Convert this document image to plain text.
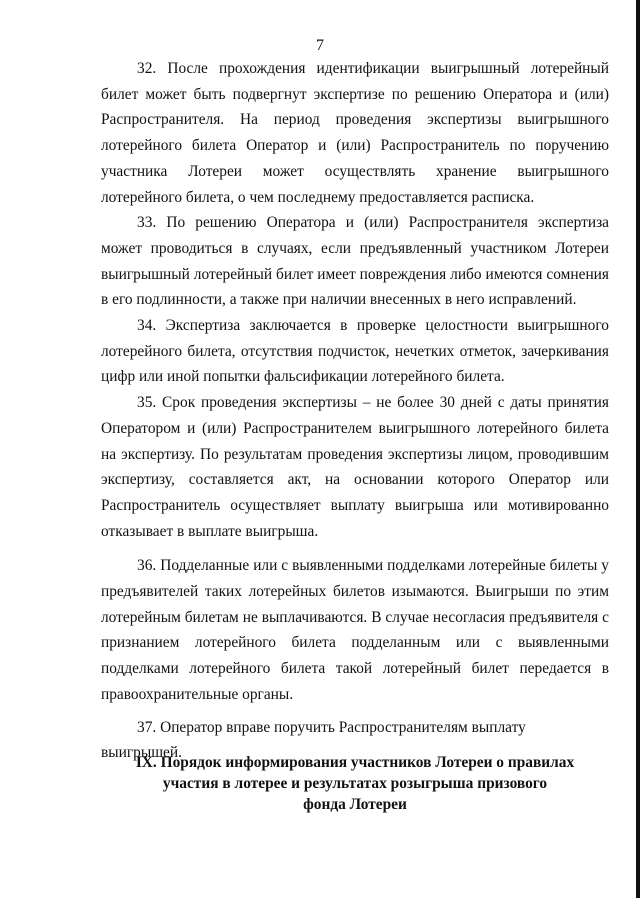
7

32. После прохождения идентификации выигрышный лотерейный билет может быть подвергнут экспертизе по решению Оператора и (или) Распространителя. На период проведения экспертизы выигрышного лотерейного билета Оператор и (или) Распространитель по поручению участника Лотереи может осуществлять хранение выигрышного лотерейного билета, о чем последнему предоставляется расписка.

33. По решению Оператора и (или) Распространителя экспертиза может проводиться в случаях, если предъявленный участником Лотереи выигрышный лотерейный билет имеет повреждения либо имеются сомнения в его подлинности, а также при наличии внесенных в него исправлений.

34. Экспертиза заключается в проверке целостности выигрышного лотерейного билета, отсутствия подчисток, нечетких отметок, зачеркивания цифр или иной попытки фальсификации лотерейного билета.

35. Срок проведения экспертизы – не более 30 дней с даты принятия Оператором и (или) Распространителем выигрышного лотерейного билета на экспертизу. По результатам проведения экспертизы лицом, проводившим экспертизу, составляется акт, на основании которого Оператор или Распространитель осуществляет выплату выигрыша или мотивированно отказывает в выплате выигрыша.

36. Подделанные или с выявленными подделками лотерейные билеты у предъявителей таких лотерейных билетов изымаются. Выигрыши по этим лотерейным билетам не выплачиваются. В случае несогласия предъявителя с признанием лотерейного билета подделанным или с выявленными подделками лотерейного билета такой лотерейный билет передается в правоохранительные органы.

37. Оператор вправе поручить Распространителям выплату выигрышей.

IX. Порядок информирования участников Лотереи о правилах
участия в лотерее и результатах розыгрыша призового
фонда Лотереи
